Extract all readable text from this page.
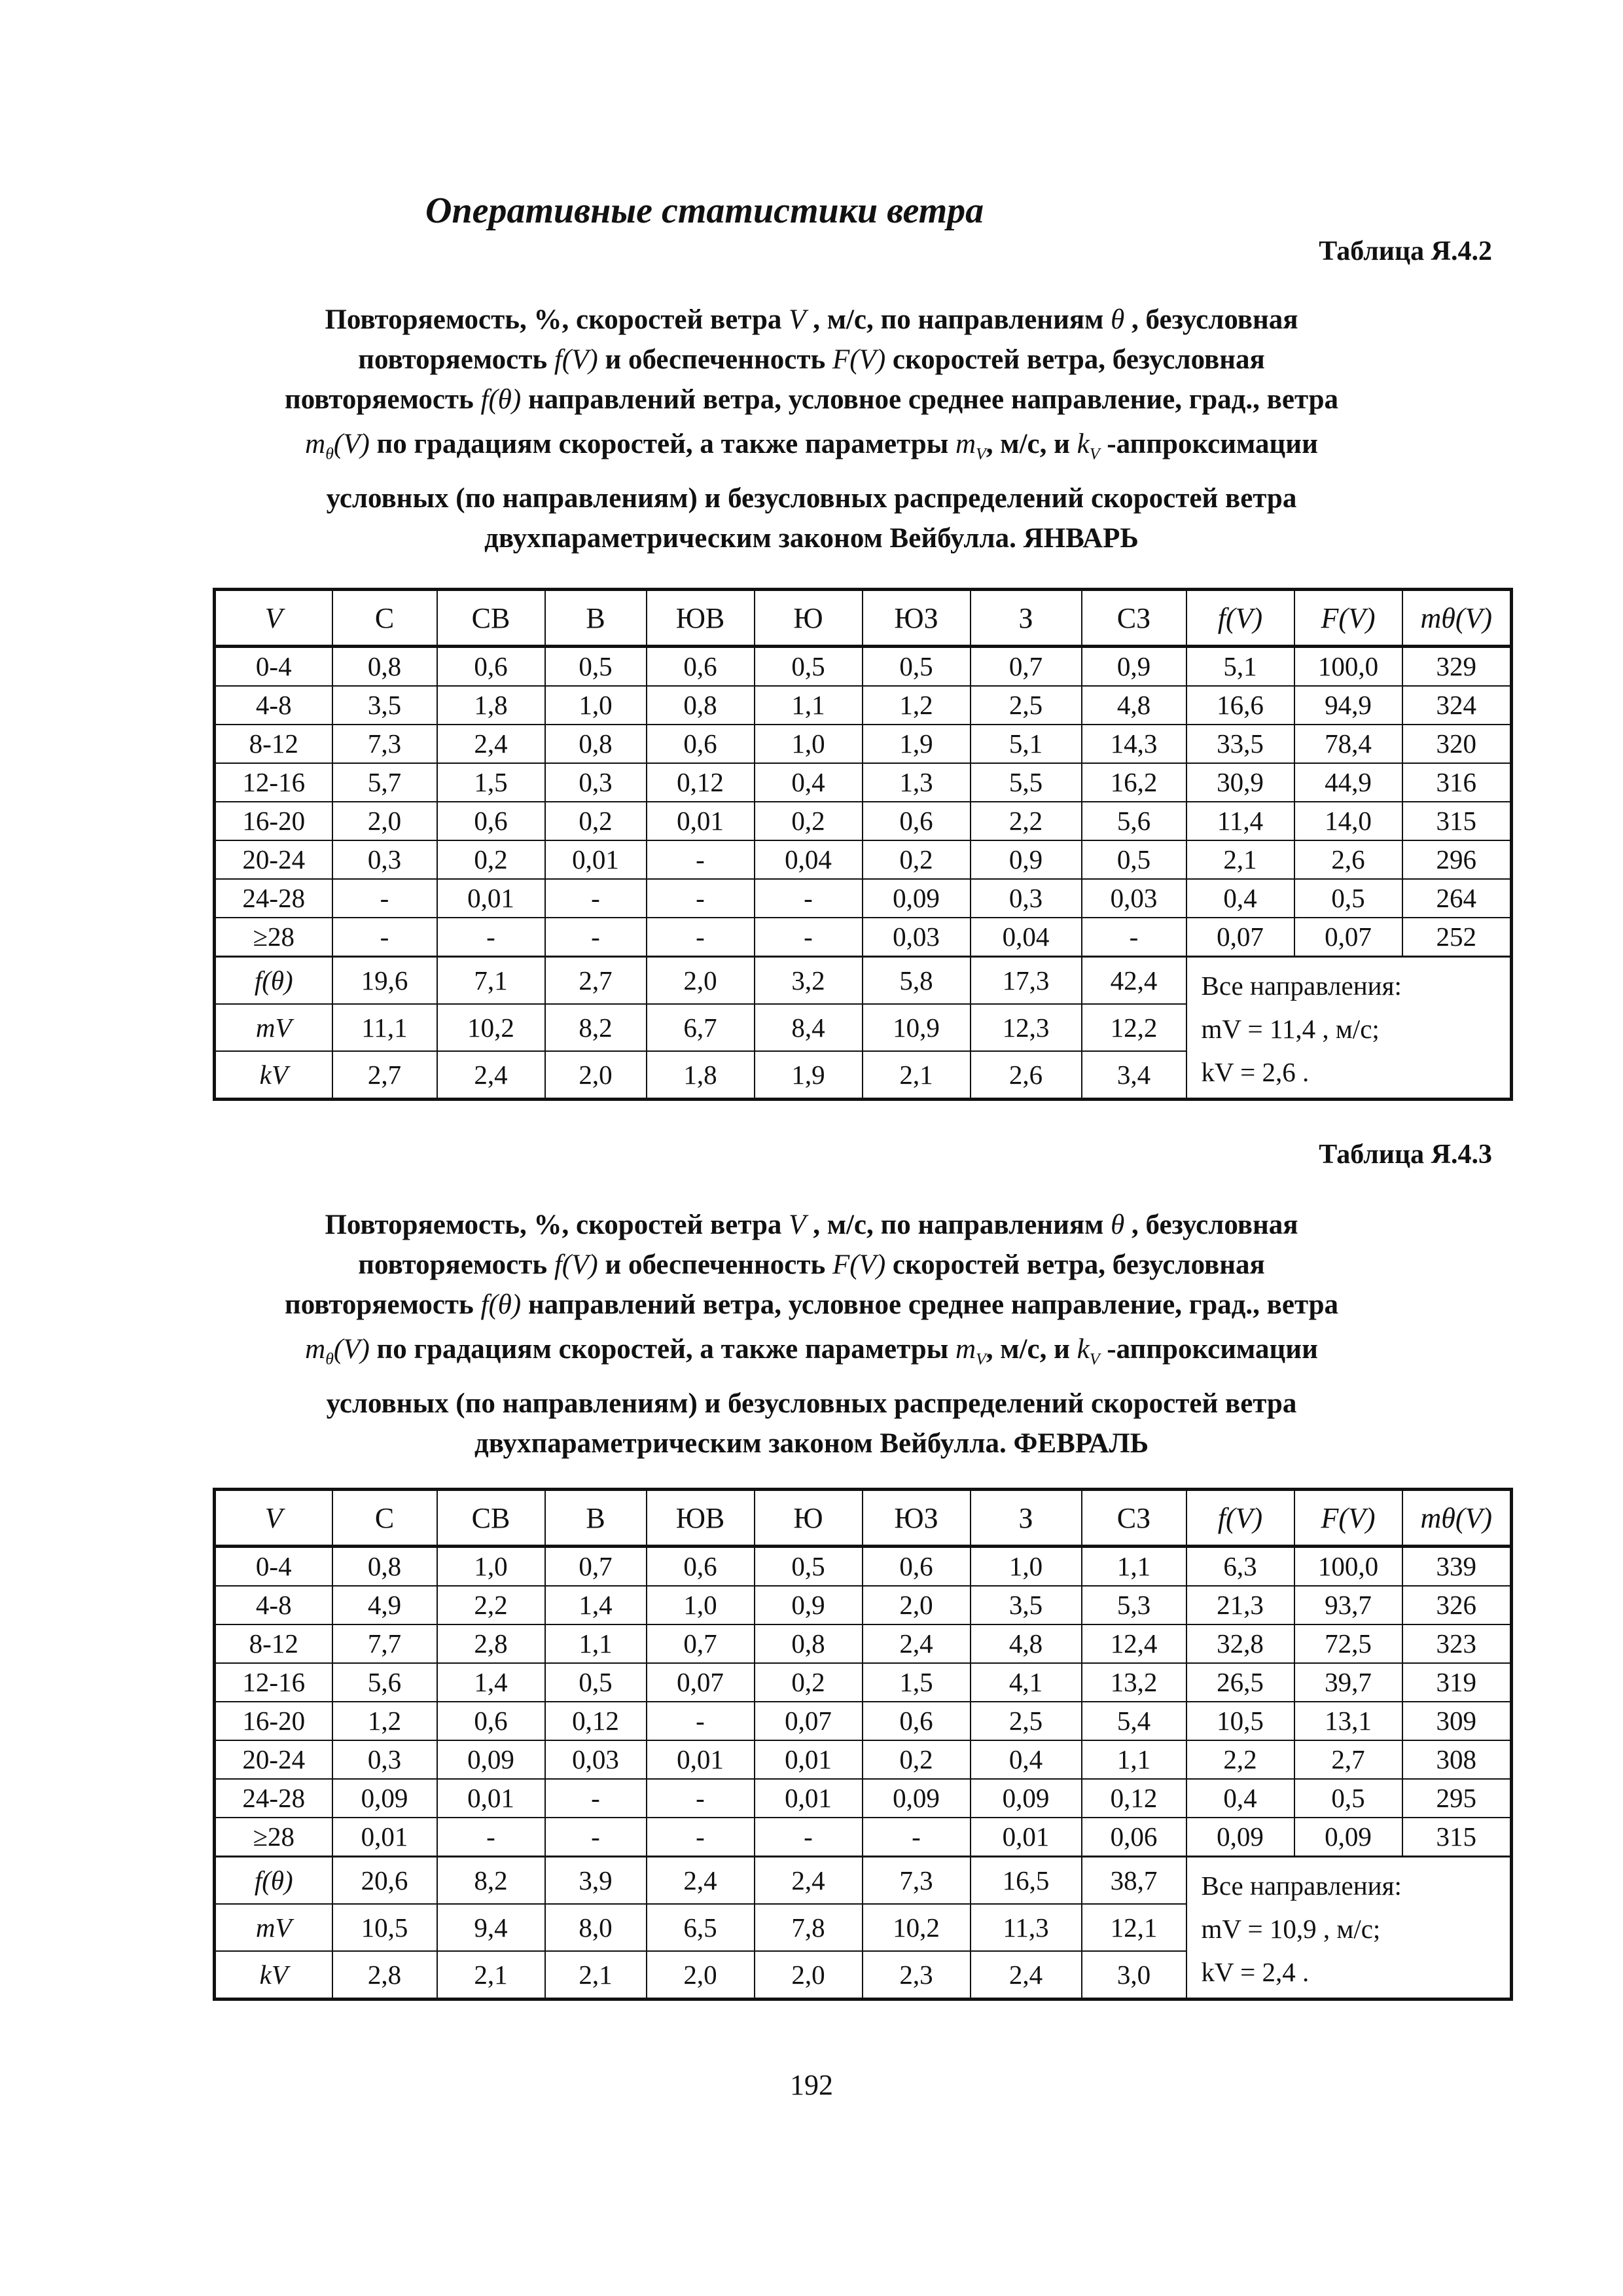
Оперативные статистики ветра
Таблица Я.4.2
Повторяемость, %, скоростей ветра V , м/с, по направлениям θ , безусловная
повторяемость f(V) и обеспеченность F(V) скоростей ветра, безусловная
повторяемость f(θ) направлений ветра, условное среднее направление, град., ветра
$m_\theta(V)$ по градациям скоростей, а также параметры $m_V$, м/с, и $k_V$ -аппроксимации
условных (по направлениям) и безусловных распределений скоростей ветра
двухпараметрическим законом Вейбулла. ЯНВАРЬ
V	С	СВ	В	ЮВ	Ю	ЮЗ	З	СЗ	f(V)	F(V)	mθ(V)
0-4	0,8	0,6	0,5	0,6	0,5	0,5	0,7	0,9	5,1	100,0	329
4-8	3,5	1,8	1,0	0,8	1,1	1,2	2,5	4,8	16,6	94,9	324
8-12	7,3	2,4	0,8	0,6	1,0	1,9	5,1	14,3	33,5	78,4	320
12-16	5,7	1,5	0,3	0,12	0,4	1,3	5,5	16,2	30,9	44,9	316
16-20	2,0	0,6	0,2	0,01	0,2	0,6	2,2	5,6	11,4	14,0	315
20-24	0,3	0,2	0,01	-	0,04	0,2	0,9	0,5	2,1	2,6	296
24-28	-	0,01	-	-	-	0,09	0,3	0,03	0,4	0,5	264
≥28	-	-	-	-	-	0,03	0,04	-	0,07	0,07	252
f(θ)	19,6	7,1	2,7	2,0	3,2	5,8	17,3	42,4	Все направления:
mV = 11,4 , м/с;
kV = 2,6 .		

mV	11,1	10,2	8,2	6,7	8,4	10,9	12,3	12,2			
kV	2,7	2,4	2,0	1,8	1,9	2,1	2,6	3,4			
Таблица Я.4.3
Повторяемость, %, скоростей ветра V , м/с, по направлениям θ , безусловная
повторяемость f(V) и обеспеченность F(V) скоростей ветра, безусловная
повторяемость f(θ) направлений ветра, условное среднее направление, град., ветра
$m_\theta(V)$ по градациям скоростей, а также параметры $m_V$, м/с, и $k_V$ -аппроксимации
условных (по направлениям) и безусловных распределений скоростей ветра
двухпараметрическим законом Вейбулла. ФЕВРАЛЬ
V	С	СВ	В	ЮВ	Ю	ЮЗ	З	СЗ	f(V)	F(V)	mθ(V)
0-4	0,8	1,0	0,7	0,6	0,5	0,6	1,0	1,1	6,3	100,0	339
4-8	4,9	2,2	1,4	1,0	0,9	2,0	3,5	5,3	21,3	93,7	326
8-12	7,7	2,8	1,1	0,7	0,8	2,4	4,8	12,4	32,8	72,5	323
12-16	5,6	1,4	0,5	0,07	0,2	1,5	4,1	13,2	26,5	39,7	319
16-20	1,2	0,6	0,12	-	0,07	0,6	2,5	5,4	10,5	13,1	309
20-24	0,3	0,09	0,03	0,01	0,01	0,2	0,4	1,1	2,2	2,7	308
24-28	0,09	0,01	-	-	0,01	0,09	0,09	0,12	0,4	0,5	295
≥28	0,01	-	-	-	-	-	0,01	0,06	0,09	0,09	315
f(θ)	20,6	8,2	3,9	2,4	2,4	7,3	16,5	38,7	Все направления:
mV = 10,9 , м/с;
kV = 2,4 .		

mV	10,5	9,4	8,0	6,5	7,8	10,2	11,3	12,1			
kV	2,8	2,1	2,1	2,0	2,0	2,3	2,4	3,0			
192
